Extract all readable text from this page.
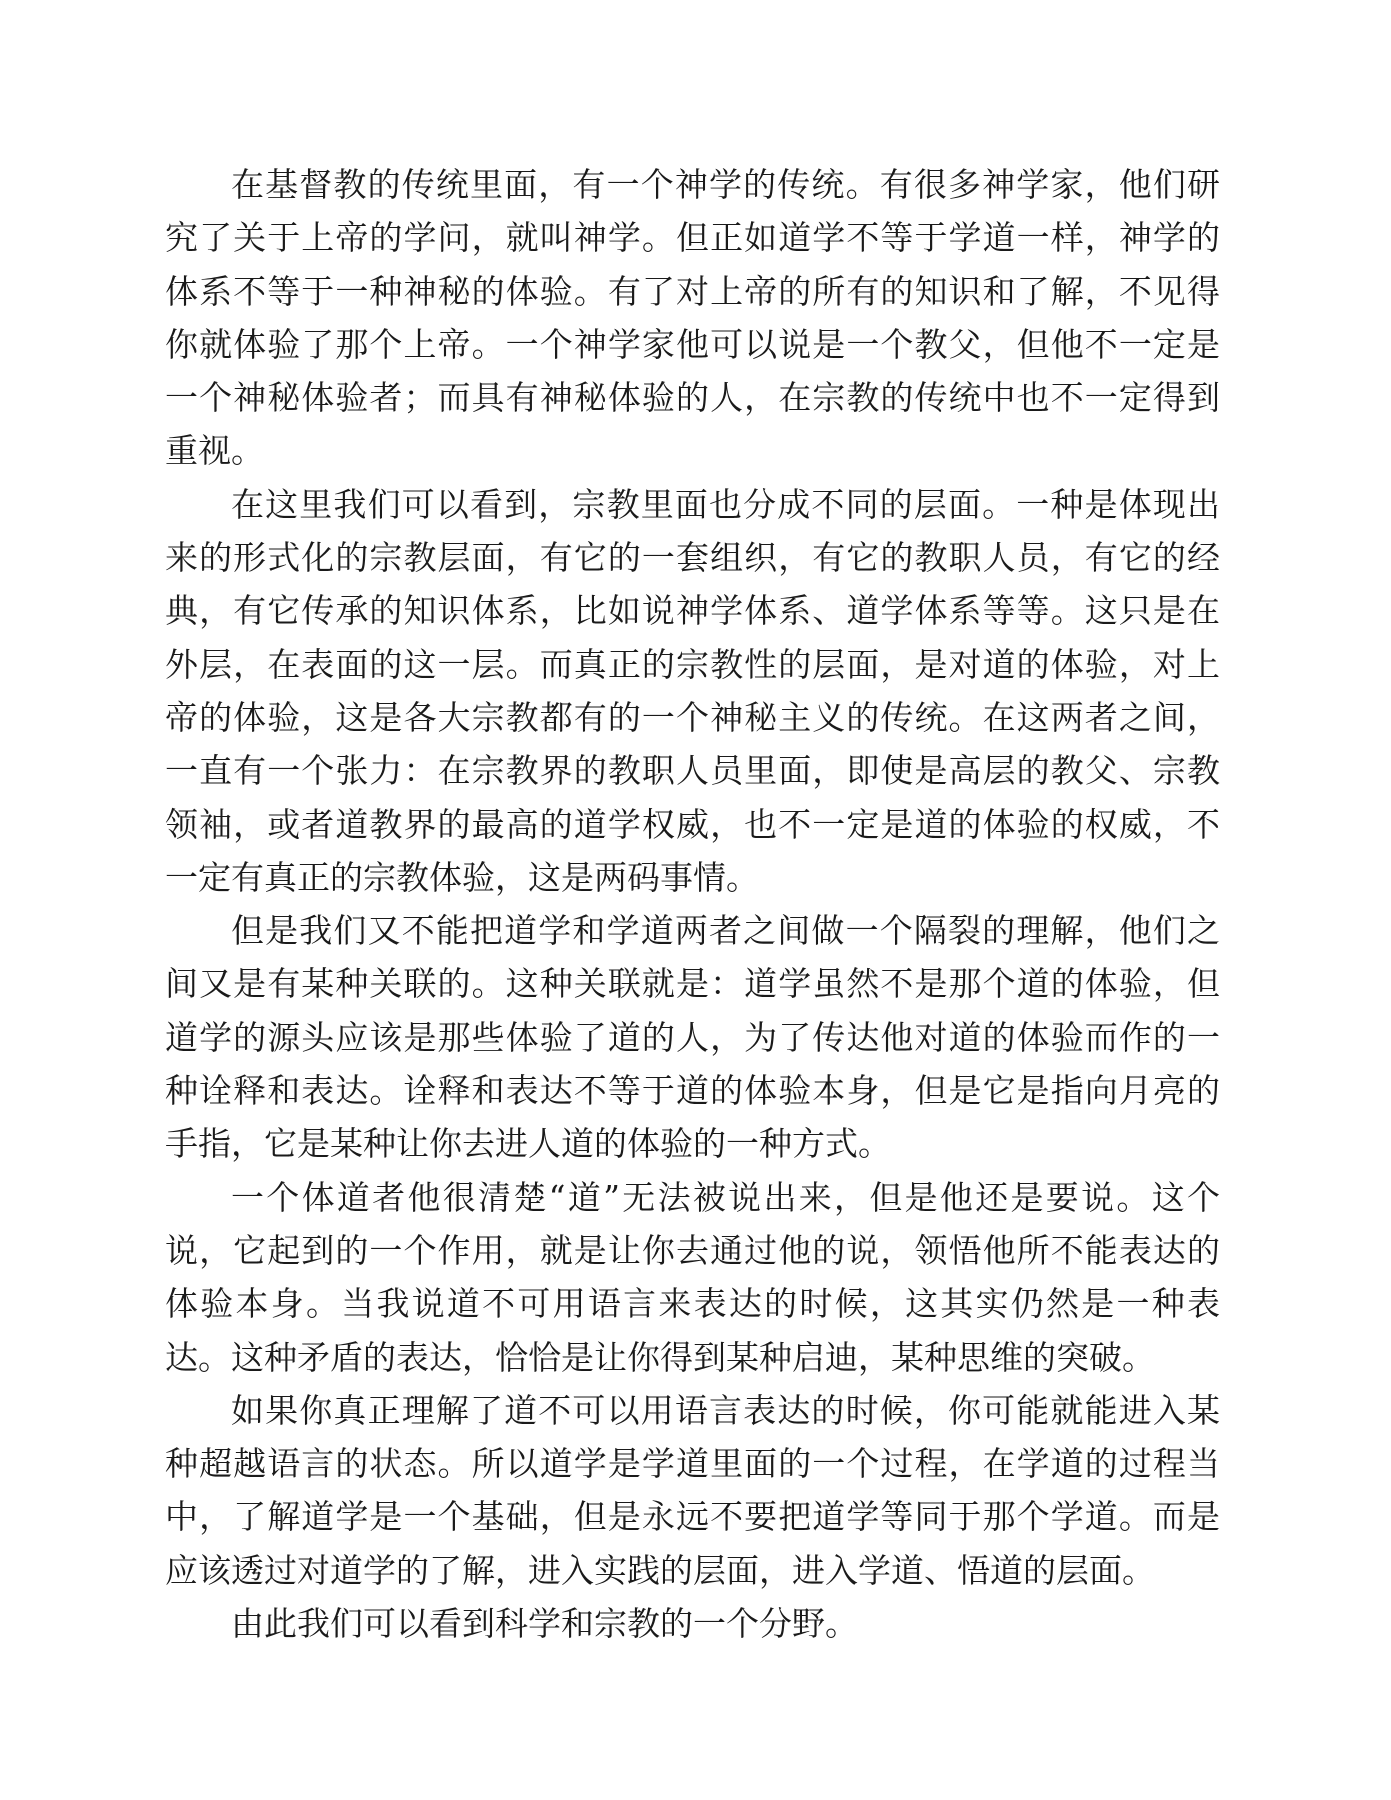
在基督教的传统里面，有一个神学的传统。有很多神学家，他们研究了关于上帝的学问，就叫神学。但正如道学不等于学道一样，神学的体系不等于一种神秘的体验。有了对上帝的所有的知识和了解，不见得你就体验了那个上帝。一个神学家他可以说是一个教父，但他不一定是一个神秘体验者；而具有神秘体验的人，在宗教的传统中也不一定得到重视。

在这里我们可以看到，宗教里面也分成不同的层面。一种是体现出来的形式化的宗教层面，有它的一套组织，有它的教职人员，有它的经典，有它传承的知识体系，比如说神学体系、道学体系等等。这只是在外层，在表面的这一层。而真正的宗教性的层面，是对道的体验，对上帝的体验，这是各大宗教都有的一个神秘主义的传统。在这两者之间，一直有一个张力：在宗教界的教职人员里面，即使是高层的教父、宗教领袖，或者道教界的最高的道学权威，也不一定是道的体验的权威，不一定有真正的宗教体验，这是两码事情。

但是我们又不能把道学和学道两者之间做一个隔裂的理解，他们之间又是有某种关联的。这种关联就是：道学虽然不是那个道的体验，但道学的源头应该是那些体验了道的人，为了传达他对道的体验而作的一种诠释和表达。诠释和表达不等于道的体验本身，但是它是指向月亮的手指，它是某种让你去进人道的体验的一种方式。

一个体道者他很清楚“道”无法被说出来，但是他还是要说。这个说，它起到的一个作用，就是让你去通过他的说，领悟他所不能表达的体验本身。当我说道不可用语言来表达的时候，这其实仍然是一种表达。这种矛盾的表达，恰恰是让你得到某种启迪，某种思维的突破。

如果你真正理解了道不可以用语言表达的时候，你可能就能进入某种超越语言的状态。所以道学是学道里面的一个过程，在学道的过程当中，了解道学是一个基础，但是永远不要把道学等同于那个学道。而是应该透过对道学的了解，进入实践的层面，进入学道、悟道的层面。

由此我们可以看到科学和宗教的一个分野。
